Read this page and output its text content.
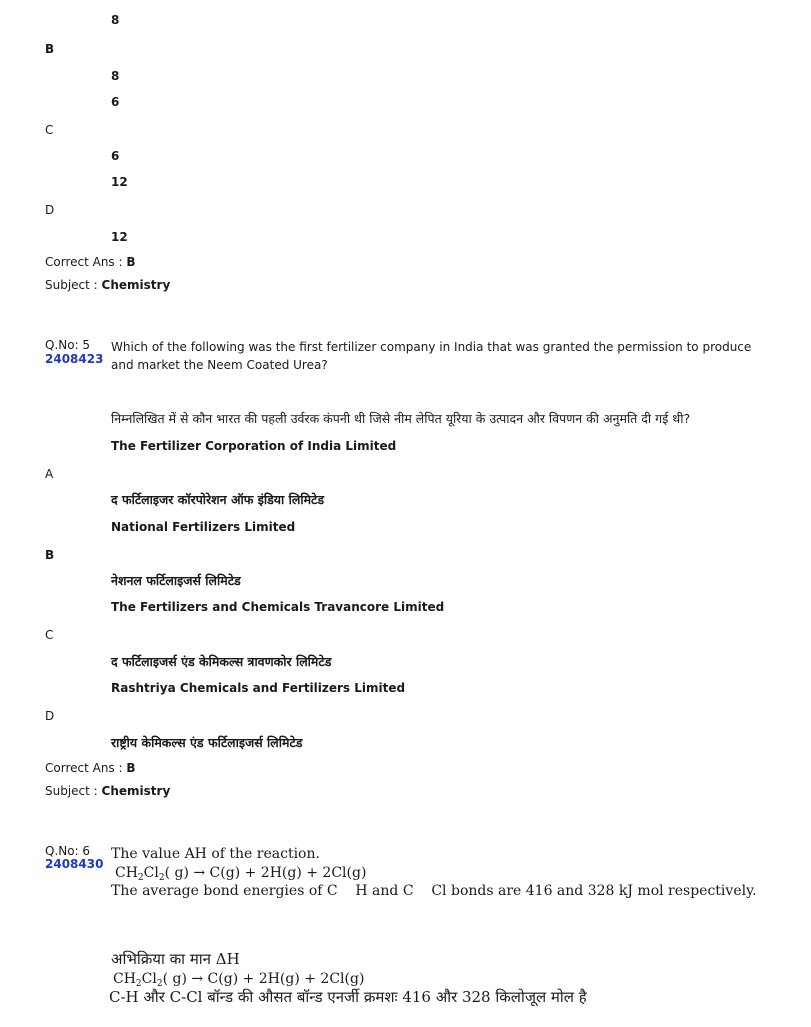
8
B
8
6
C
6
12
D
12
Correct Ans : B
Subject : Chemistry
Q.No: 5
2408423
Which of the following was the first fertilizer company in India that was granted the permission to produce and market the Neem Coated Urea?
निम्नलिखित में से कौन भारत की पहली उर्वरक कंपनी थी जिसे नीम लेपित यूरिया के उत्पादन और विपणन की अनुमति दी गई थी?
The Fertilizer Corporation of India Limited
A
द फर्टिलाइजर कॉरपोरेशन ऑफ इंडिया लिमिटेड
National Fertilizers Limited
B
नेशनल फर्टिलाइजर्स लिमिटेड
The Fertilizers and Chemicals Travancore Limited
C
द फर्टिलाइजर्स एंड केमिकल्स त्रावणकोर लिमिटेड
Rashtriya Chemicals and Fertilizers Limited
D
राष्ट्रीय केमिकल्स एंड फर्टिलाइजर्स लिमिटेड
Correct Ans : B
Subject : Chemistry
Q.No: 6
2408430
The value AH of the reaction.
$CH_2Cl_2$( g) → C(g) + 2H(g) + 2Cl(g)
The average bond energies of C    H and C    Cl bonds are 416 and 328 kJ mol respectively.
अभिक्रिया का मान ΔH
$CH_2Cl_2$( g) → C(g) + 2H(g) + 2Cl(g)
C-H और C-Cl बॉन्ड की औसत बॉन्ड एनर्जी क्रमशः 416 और 328 किलोजूल मोल है
